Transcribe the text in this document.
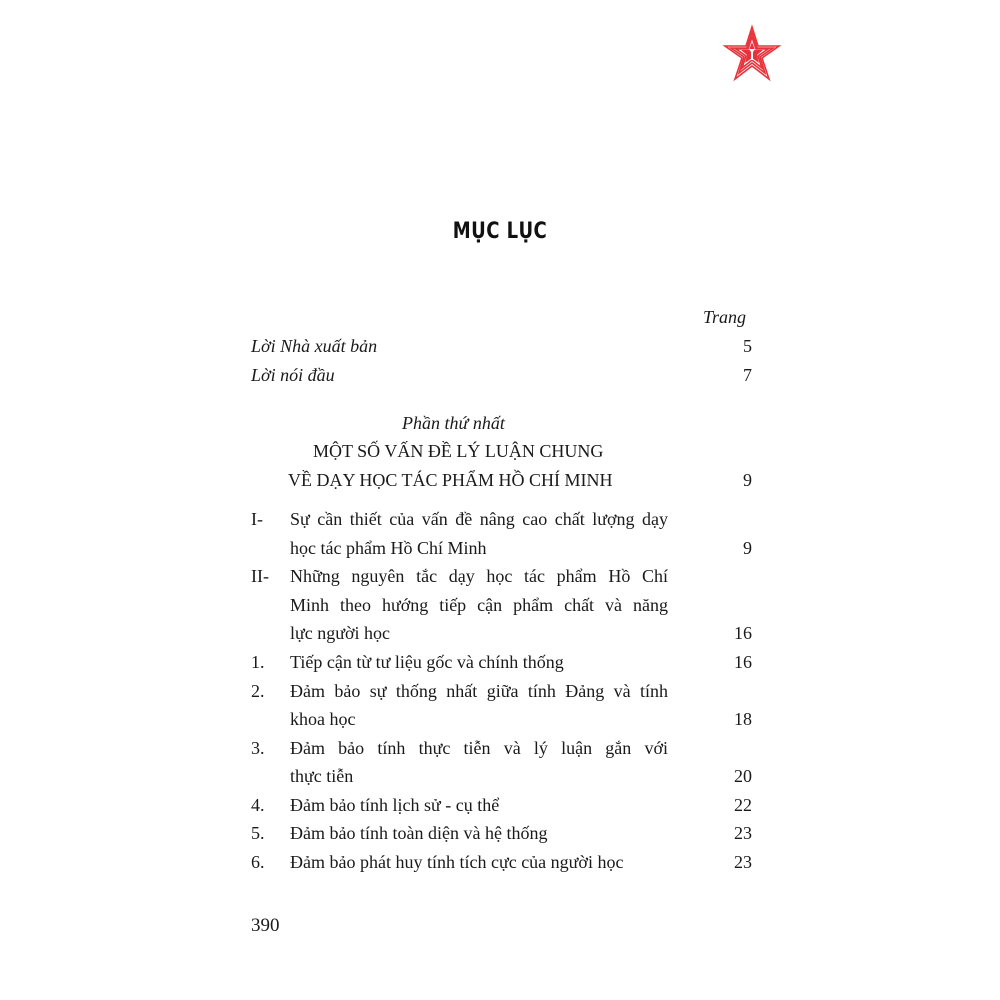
MỤC LỤC
Trang
Lời Nhà xuất bản	5
Lời nói đầu	7
Phần thứ nhất
MỘT SỐ VẤN ĐỀ LÝ LUẬN CHUNG
VỀ DẠY HỌC TÁC PHẨM HỒ CHÍ MINH	9
I- Sự cần thiết của vấn đề nâng cao chất lượng dạy
học tác phẩm Hồ Chí Minh	9
II- Những nguyên tắc dạy học tác phẩm Hồ Chí
Minh theo hướng tiếp cận phẩm chất và năng
lực người học	16
1. Tiếp cận từ tư liệu gốc và chính thống	16
2. Đảm bảo sự thống nhất giữa tính Đảng và tính
khoa học	18
3. Đảm bảo tính thực tiễn và lý luận gắn với
thực tiễn	20
4. Đảm bảo tính lịch sử - cụ thể	22
5. Đảm bảo tính toàn diện và hệ thống	23
6. Đảm bảo phát huy tính tích cực của người học	23
390
